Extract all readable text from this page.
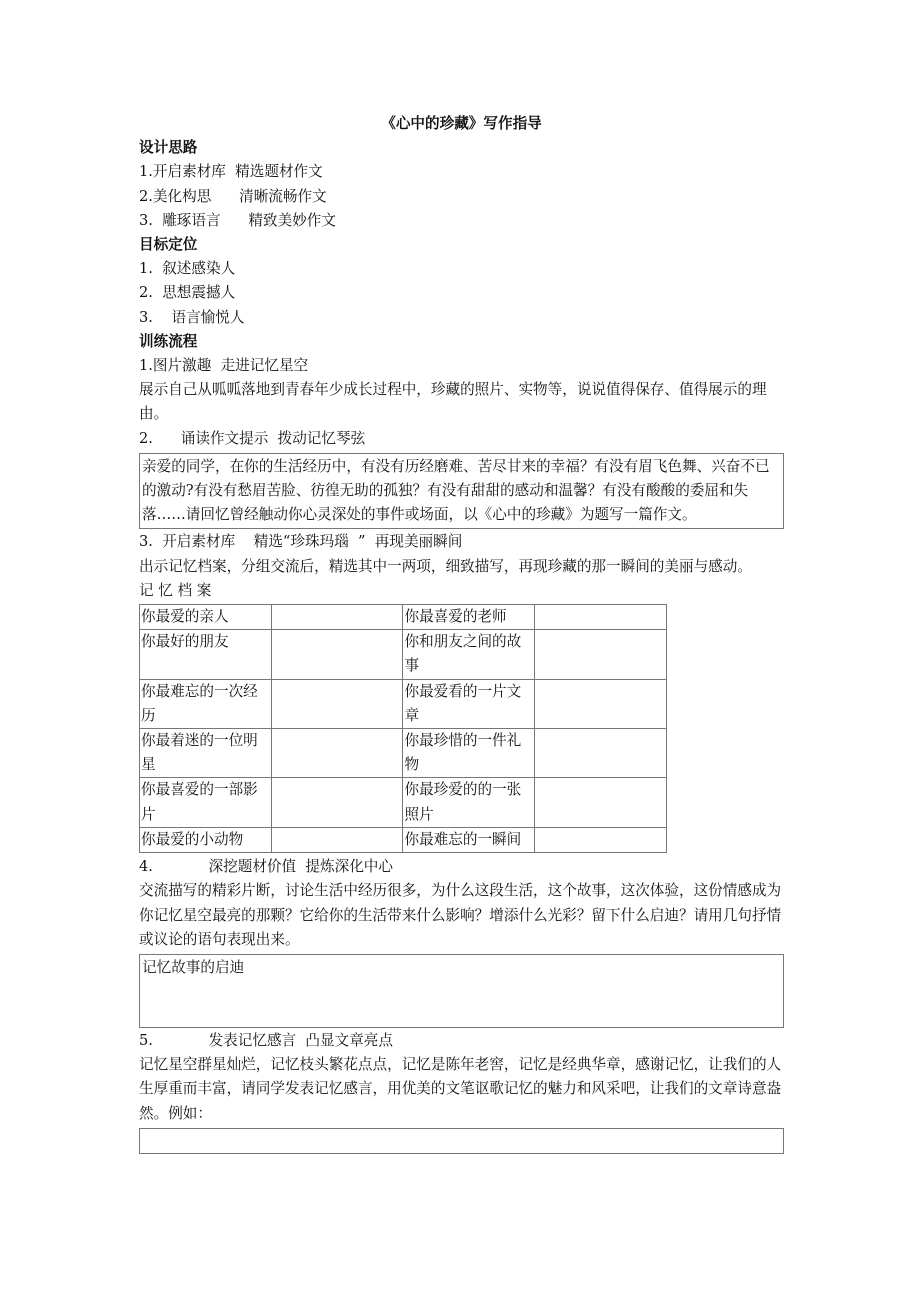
《心中的珍藏》写作指导
设计思路
1.开启素材库  精选题材作文
2.美化构思      清晰流畅作文
3.  雕琢语言      精致美妙作文
目标定位
1.  叙述感染人
2.  思想震撼人
3.    语言愉悦人
训练流程
1.图片激趣  走进记忆星空

展示自己从呱呱落地到青春年少成长过程中，珍藏的照片、实物等，说说值得保存、值得展示的理由。

2.      诵读作文提示  拨动记忆琴弦
亲爱的同学，在你的生活经历中，有没有历经磨难、苦尽甘来的幸福？有没有眉飞色舞、兴奋不已的激动?有没有愁眉苦脸、彷徨无助的孤独？有没有甜甜的感动和温馨？有没有酸酸的委屈和失落……请回忆曾经触动你心灵深处的事件或场面，以《心中的珍藏》为题写一篇作文。
3.  开启素材库    精选“珍珠玛瑙  ”  再现美丽瞬间

出示记忆档案，分组交流后，精选其中一两项，细致描写，再现珍藏的那一瞬间的美丽与感动。

记 忆 档 案
你最爱的亲人		你最喜爱的老师	
你最好的朋友		你和朋友之间的故事	
你最难忘的一次经历		你最爱看的一片文章	
你最着迷的一位明星		你最珍惜的一件礼物	
你最喜爱的一部影片		你最珍爱的的一张照片	
你最爱的小动物		你最难忘的一瞬间	
4.            深挖题材价值  提炼深化中心

交流描写的精彩片断，讨论生活中经历很多，为什么这段生活，这个故事，这次体验，这份情感成为你记忆星空最亮的那颗？它给你的生活带来什么影响？增添什么光彩？留下什么启迪？请用几句抒情或议论的语句表现出来。

记忆故事的启迪
5.            发表记忆感言  凸显文章亮点

记忆星空群星灿烂，记忆枝头繁花点点，记忆是陈年老窖，记忆是经典华章，感谢记忆，让我们的人生厚重而丰富，请同学发表记忆感言，用优美的文笔讴歌记忆的魅力和风采吧，让我们的文章诗意盎然。例如：
